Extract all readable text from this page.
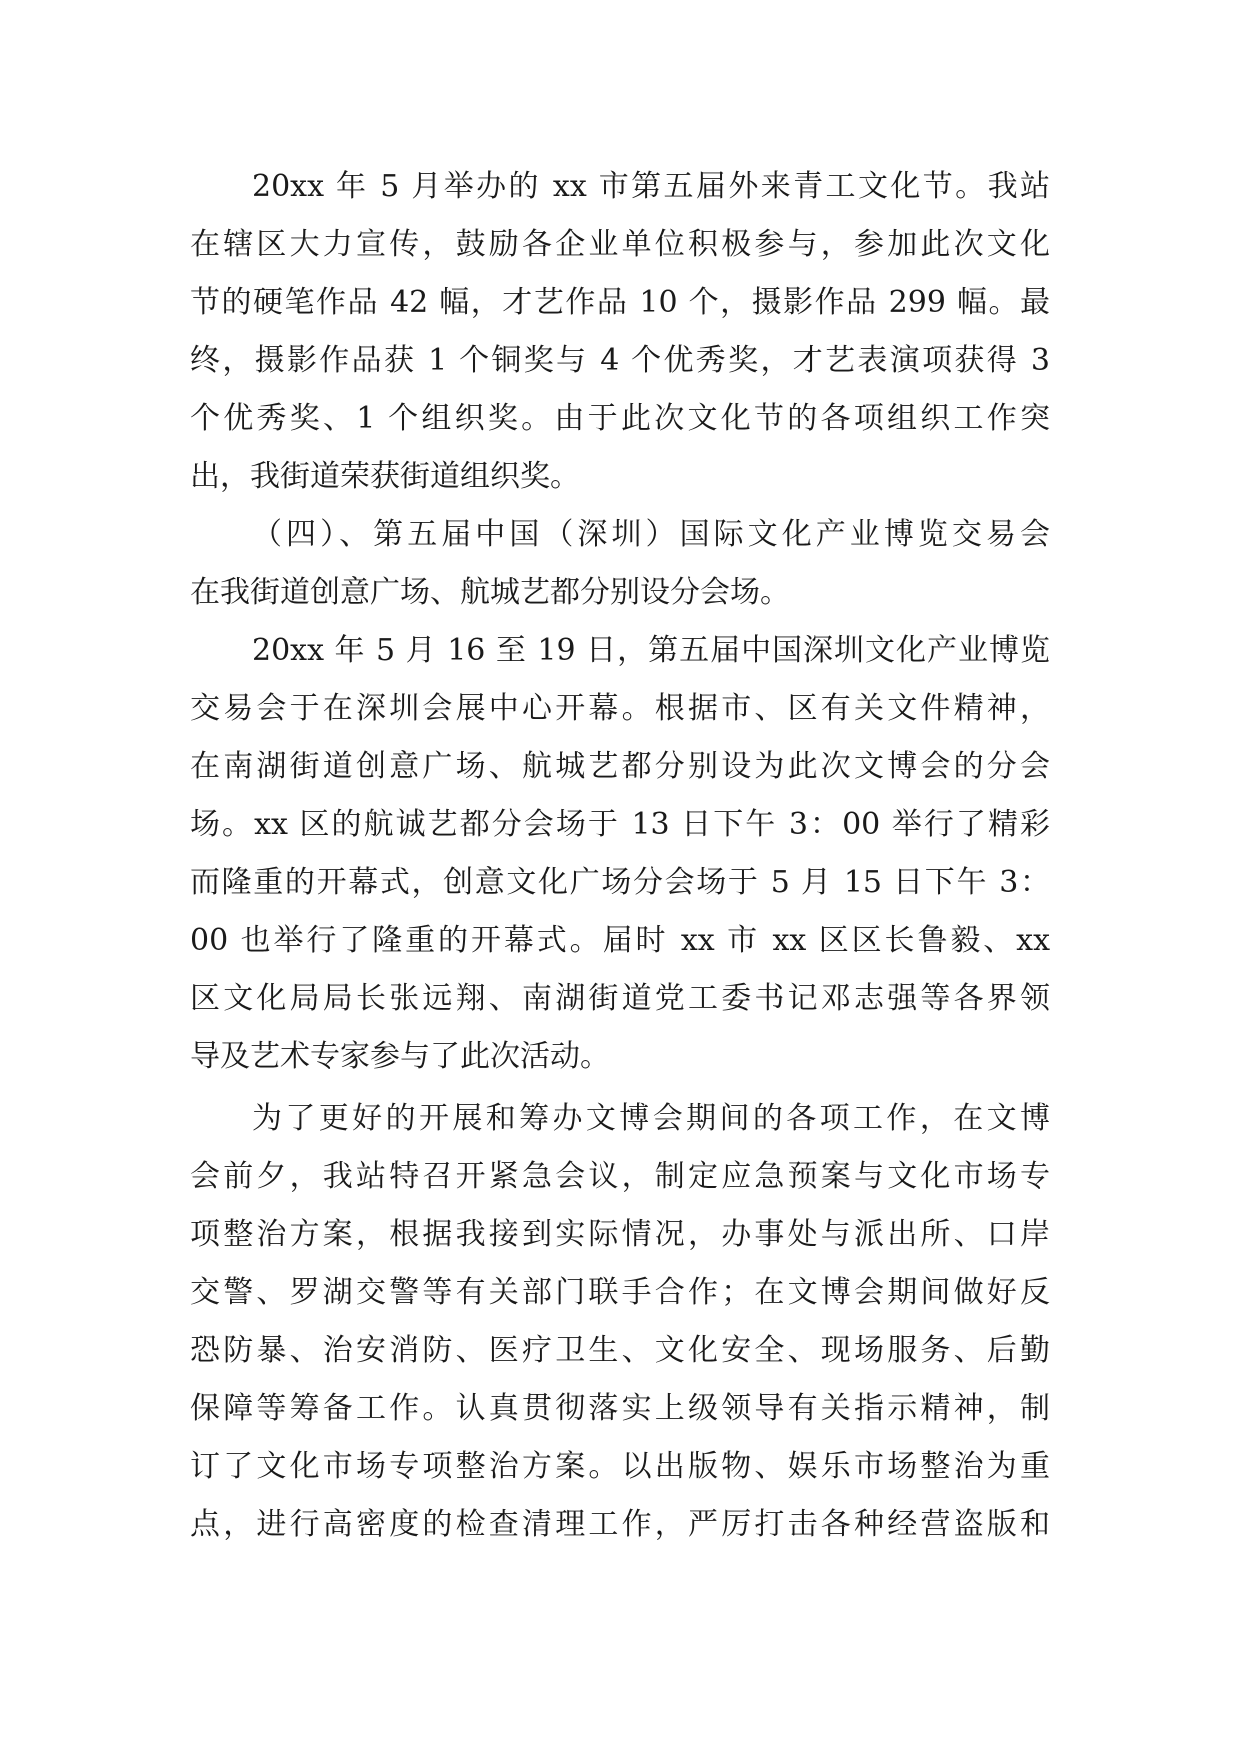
20xx 年 5 月举办的 xx 市第五届外来青工文化节。我站
在辖区大力宣传，鼓励各企业单位积极参与，参加此次文化
节的硬笔作品 42 幅，才艺作品 10 个，摄影作品 299 幅。最
终，摄影作品获 1 个铜奖与 4 个优秀奖，才艺表演项获得 3
个优秀奖、1 个组织奖。由于此次文化节的各项组织工作突
出，我街道荣获街道组织奖。
（四）、第五届中国（深圳）国际文化产业博览交易会
在我街道创意广场、航城艺都分别设分会场。
20xx 年 5 月 16 至 19 日，第五届中国深圳文化产业博览
交易会于在深圳会展中心开幕。根据市、区有关文件精神，
在南湖街道创意广场、航城艺都分别设为此次文博会的分会
场。xx 区的航诚艺都分会场于 13 日下午 3：00 举行了精彩
而隆重的开幕式，创意文化广场分会场于 5 月 15 日下午 3：
00 也举行了隆重的开幕式。届时 xx 市 xx 区区长鲁毅、xx
区文化局局长张远翔、南湖街道党工委书记邓志强等各界领
导及艺术专家参与了此次活动。
为了更好的开展和筹办文博会期间的各项工作，在文博
会前夕，我站特召开紧急会议，制定应急预案与文化市场专
项整治方案，根据我接到实际情况，办事处与派出所、口岸
交警、罗湖交警等有关部门联手合作；在文博会期间做好反
恐防暴、治安消防、医疗卫生、文化安全、现场服务、后勤
保障等筹备工作。认真贯彻落实上级领导有关指示精神，制
订了文化市场专项整治方案。以出版物、娱乐市场整治为重
点，进行高密度的检查清理工作，严厉打击各种经营盗版和
